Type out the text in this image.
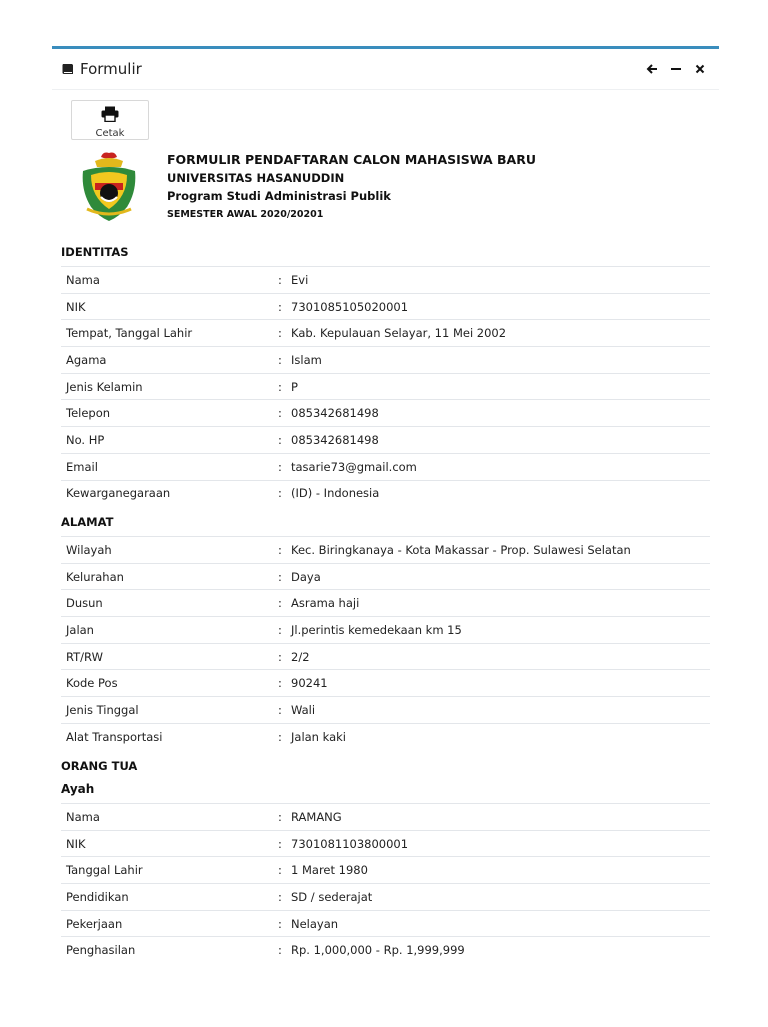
Formulir
Cetak
FORMULIR PENDAFTARAN CALON MAHASISWA BARU
UNIVERSITAS HASANUDDIN
Program Studi Administrasi Publik
SEMESTER AWAL 2020/20201
IDENTITAS
Nama	:	Evi
NIK	:	7301085105020001
Tempat, Tanggal Lahir	:	Kab. Kepulauan Selayar, 11 Mei 2002
Agama	:	Islam
Jenis Kelamin	:	P
Telepon	:	085342681498
No. HP	:	085342681498
Email	:	tasarie73@gmail.com
Kewarganegaraan	:	(ID) - Indonesia
ALAMAT
Wilayah	:	Kec. Biringkanaya - Kota Makassar - Prop. Sulawesi Selatan
Kelurahan	:	Daya
Dusun	:	Asrama haji
Jalan	:	Jl.perintis kemedekaan km 15
RT/RW	:	2/2
Kode Pos	:	90241
Jenis Tinggal	:	Wali
Alat Transportasi	:	Jalan kaki
ORANG TUA
Ayah
Nama	:	RAMANG
NIK	:	7301081103800001
Tanggal Lahir	:	1 Maret 1980
Pendidikan	:	SD / sederajat
Pekerjaan	:	Nelayan
Penghasilan	:	Rp. 1,000,000 - Rp. 1,999,999
